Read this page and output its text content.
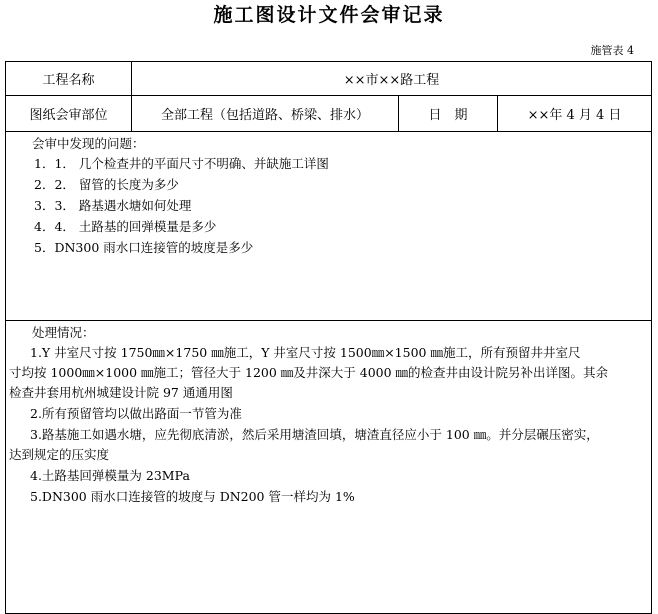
施工图设计文件会审记录
施管表 4
工程名称	××市××路工程
图纸会审部位	全部工程（包括道路、桥梁、排水）	日　期	××年 4 月 4 日
会审中发现的问题：
1．1． 几个检查井的平面尺寸不明确、并缺施工详图
2．2． 留管的长度为多少
3．3． 路基遇水塘如何处理
4．4． 土路基的回弹模量是多少
5．DN300 雨水口连接管的坡度是多少
处理情况：
1.Y 井室尺寸按 1750㎜×1750 ㎜施工，Y 井室尺寸按 1500㎜×1500 ㎜施工，所有预留井井室尺
寸均按 1000㎜×1000 ㎜施工；管径大于 1200 ㎜及井深大于 4000 ㎜的检查井由设计院另补出详图。其余
检查井套用杭州城建设计院 97 通通用图
2.所有预留管均以做出路面一节管为准
3.路基施工如遇水塘，应先彻底清淤，然后采用塘渣回填，塘渣直径应小于 100 ㎜。并分层碾压密实，
达到规定的压实度
4.土路基回弹模量为 23MPa
5.DN300 雨水口连接管的坡度与 DN200 管一样均为 1%
